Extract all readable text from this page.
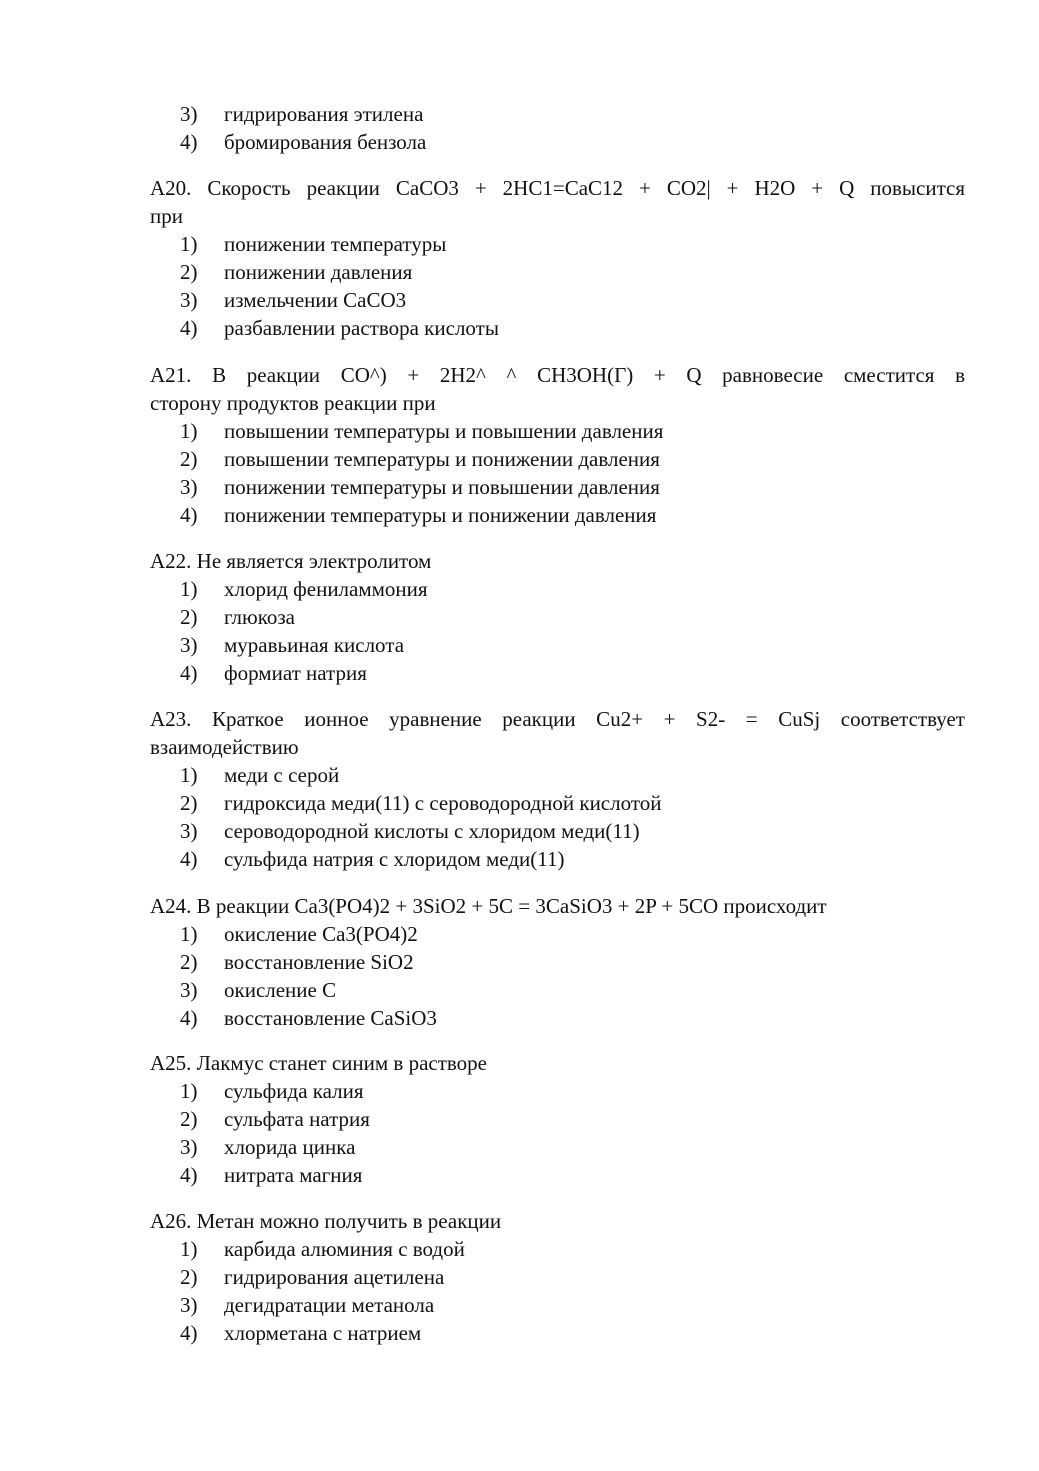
3)	гидрирования этилена
4)	бромирования бензола
А20. Скорость реакции CaCO3 + 2HC1=CaC12 + CO2| + H2O + Q повысится
при
1)	понижении температуры
2)	понижении давления
3)	измельчении CaCO3
4)	разбавлении раствора кислоты
А21. В реакции CO^) + 2H2^ ^ CH3OH(Г) + Q равновесие сместится в
сторону продуктов реакции при
1)	повышении температуры и повышении давления
2)	повышении температуры и понижении давления
3)	понижении температуры и повышении давления
4)	понижении температуры и понижении давления
А22. Не является электролитом
1)	хлорид фениламмония
2)	глюкоза
3)	муравьиная кислота
4)	формиат натрия
А23. Краткое ионное уравнение реакции Cu2+ + S2- = CuSj соответствует
взаимодействию
1)	меди с серой
2)	гидроксида меди(11) с сероводородной кислотой
3)	сероводородной кислоты с хлоридом меди(11)
4)	сульфида натрия с хлоридом меди(11)
А24. В реакции Ca3(PO4)2 + 3SiO2 + 5C = 3CaSiO3 + 2P + 5CO происходит
1)	окисление Ca3(PO4)2
2)	восстановление SiO2
3)	окисление C
4)	восстановление CaSiO3
А25. Лакмус станет синим в растворе
1)	сульфида калия
2)	сульфата натрия
3)	хлорида цинка
4)	нитрата магния
А26. Метан можно получить в реакции
1)	карбида алюминия с водой
2)	гидрирования ацетилена
3)	дегидратации метанола
4)	хлорметана с натрием
